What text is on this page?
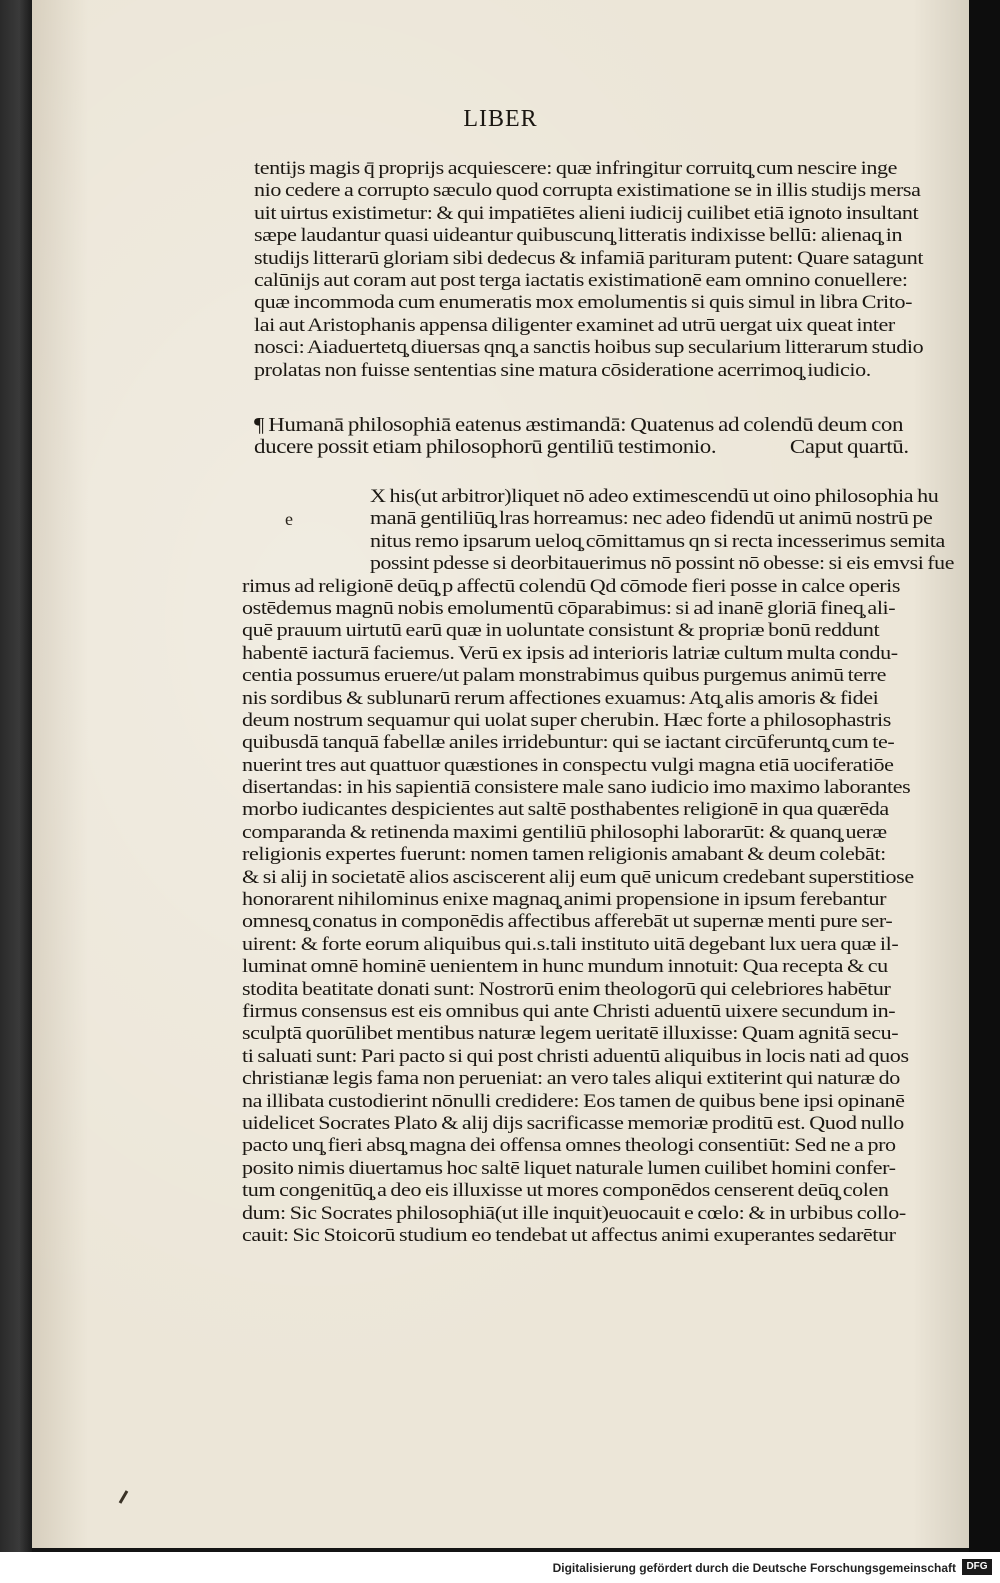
LIBER
tentijs magis q̄ proprijs acquiescere: quæ infringitur corruitq̧ cum nescire inge
nio cedere a corrupto sæculo quod corrupta existimatione se in illis studijs mersa
uit uirtus existimetur: & qui impatiētes alieni iudicij cuilibet etiā ignoto insultant
sæpe laudantur quasi uideantur quibuscunq̧ litteratis indixisse bellū: alienaq̧ in
studijs litterarū gloriam sibi dedecus & infamiā parituram putent: Quare satagunt
calūnijs aut coram aut post terga iactatis existimationē eam omnino conuellere:
quæ incommoda cum enumeratis mox emolumentis si quis simul in libra Crito-
lai aut Aristophanis appensa diligenter examinet ad utrū uergat uix queat inter
nosci: Aiaduertetq̧ diuersas qnq̧ a sanctis hoibus sup secularium litterarum studio
prolatas non fuisse sententias sine matura cōsideratione acerrimoq̧ iudicio.
¶ Humanā philosophiā eatenus æstimandā: Quatenus ad colendū deum con
ducere possit etiam philosophorū gentiliū testimonio.	Caput quartū.
e
X his(ut arbitror)liquet nō adeo extimescendū ut oino philosophia hu
manā gentiliūq̧ lras horreamus: nec adeo fidendū ut animū nostrū pe
nitus remo ipsarum ueloq̧ cōmittamus qn si recta incesserimus semita
possint pdesse si deorbitauerimus nō possint nō obesse: si eis emvsi fue
rimus ad religionē deūq̧ p affectū colendū Qd cōmode fieri posse in calce operis
ostēdemus magnū nobis emolumentū cōparabimus: si ad inanē gloriā fineq̧ ali-
quē prauum uirtutū earū quæ in uoluntate consistunt & propriæ bonū reddunt
habentē iacturā faciemus. Verū ex ipsis ad interioris latriæ cultum multa condu-
centia possumus eruere/ut palam monstrabimus quibus purgemus animū terre
nis sordibus & sublunarū rerum affectiones exuamus: Atq̧ alis amoris & fidei
deum nostrum sequamur qui uolat super cherubin. Hæc forte a philosophastris
quibusdā tanquā fabellæ aniles irridebuntur: qui se iactant circūferuntq̧ cum te-
nuerint tres aut quattuor quæstiones in conspectu vulgi magna etiā uociferatiōe
disertandas: in his sapientiā consistere male sano iudicio imo maximo laborantes
morbo iudicantes despicientes aut saltē posthabentes religionē in qua quærēda
comparanda & retinenda maximi gentiliū philosophi laborarūt: & quanq̧ ueræ
religionis expertes fuerunt: nomen tamen religionis amabant & deum colebāt:
& si alij in societatē alios asciscerent alij eum quē unicum credebant superstitiose
honorarent nihilominus enixe magnaq̧ animi propensione in ipsum ferebantur
omnesq̧ conatus in componēdis affectibus afferebāt ut supernæ menti pure ser-
uirent: & forte eorum aliquibus qui.s.tali instituto uitā degebant lux uera quæ il-
luminat omnē hominē uenientem in hunc mundum innotuit: Qua recepta & cu
stodita beatitate donati sunt: Nostrorū enim theologorū qui celebriores habētur
firmus consensus est eis omnibus qui ante Christi aduentū uixere secundum in-
sculptā quorūlibet mentibus naturæ legem ueritatē illuxisse: Quam agnitā secu-
ti saluati sunt: Pari pacto si qui post christi aduentū aliquibus in locis nati ad quos
christianæ legis fama non perueniat: an vero tales aliqui extiterint qui naturæ do
na illibata custodierint nōnulli credidere: Eos tamen de quibus bene ipsi opinanē
uidelicet Socrates Plato & alij dijs sacrificasse memoriæ proditū est. Quod nullo
pacto unq̧ fieri absq̧ magna dei offensa omnes theologi consentiūt: Sed ne a pro
posito nimis diuertamus hoc saltē liquet naturale lumen cuilibet homini confer-
tum congenitūq̧ a deo eis illuxisse ut mores componēdos censerent deūq̧ colen
dum: Sic Socrates philosophiā(ut ille inquit)euocauit e cœlo: & in urbibus collo-
cauit: Sic Stoicorū studium eo tendebat ut affectus animi exuperantes sedarētur
Digitalisierung gefördert durch die Deutsche Forschungsgemeinschaft	DFG
